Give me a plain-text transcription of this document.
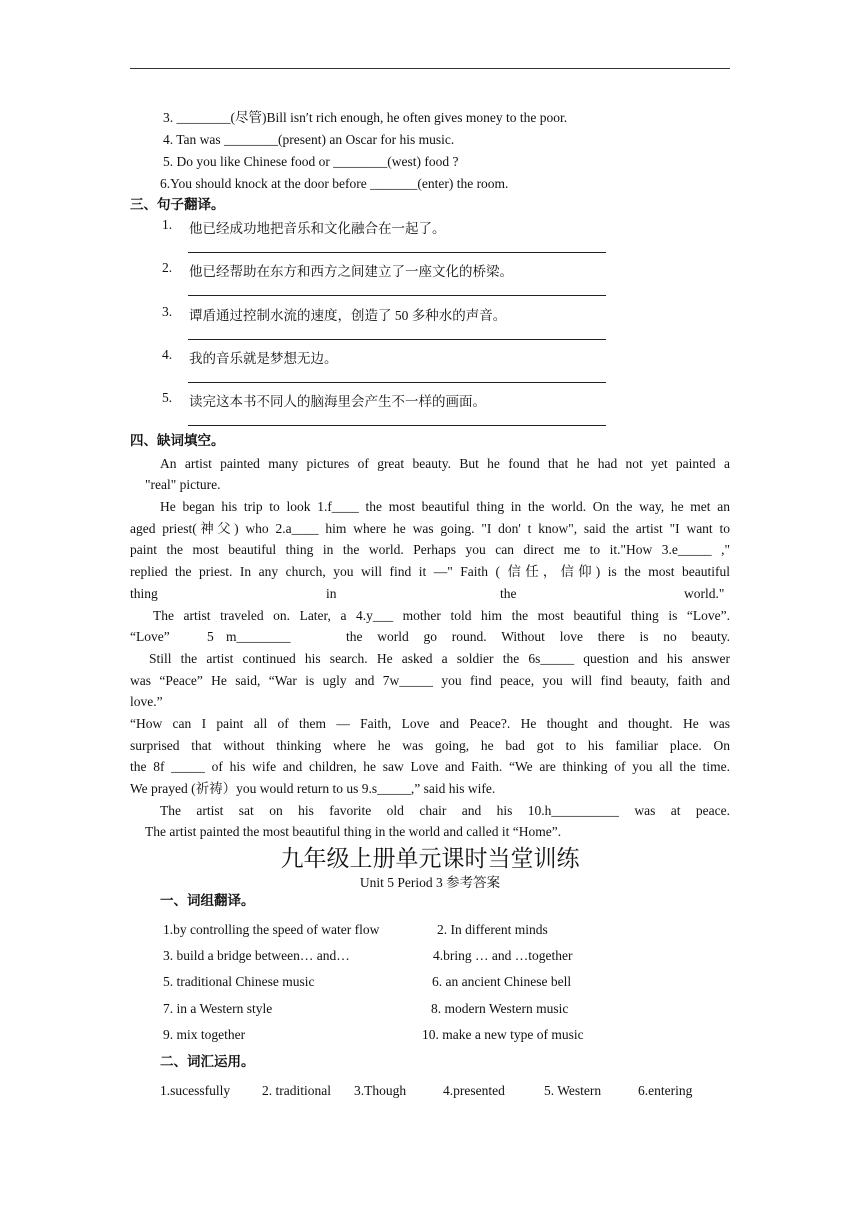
3. ________(尽管)Bill isn′t rich enough, he often gives money to the poor.
4. Tan was ________(present) an Oscar for his music.
5. Do you like Chinese food or ________(west) food ?
6.You should knock at the door before _______(enter) the room.
三、句子翻译。
1. 他已经成功地把音乐和文化融合在一起了。
2. 他已经帮助在东方和西方之间建立了一座文化的桥梁。
3. 谭盾通过控制水流的速度，创造了 50 多种水的声音。
4. 我的音乐就是梦想无边。
5. 读完这本书不同人的脑海里会产生不一样的画面。
四、缺词填空。
An artist painted many pictures of great beauty. But he found that he had not yet painted a
"real" picture.
He began his trip to look 1.f____ the most beautiful thing in the world. On the way, he met an
aged priest(神父) who 2.a____ him where he was going. "I don' t know", said the artist "I want to
paint the most beautiful thing in the world. Perhaps you can direct me to it."How 3.e_____ ,"
replied the priest. In any church, you will find it —" Faith ( 信任，信仰) is the most beautiful
thing	in	the	world."
The artist traveled on. Later, a 4.y___ mother told him the most beautiful thing is “Love”.
“Love”	5 m________	the world go round. Without love there is no beauty.
Still the artist continued his search. He asked a soldier the 6s_____ question and his answer
was “Peace” He said, “War is ugly and 7w_____ you find peace, you will find beauty, faith and
love.”
“How can I paint all of them — Faith, Love and Peace?. He thought and thought. He was
surprised that without thinking where he was going, he bad got to his familiar place. On
the 8f _____ of his wife and children, he saw Love and Faith. “We are thinking of you all the time.
We prayed (祈祷）you would return to us 9.s_____,” said his wife.
The artist sat on his favorite old chair and his 10.h__________ was at peace.
The artist painted the most beautiful thing in the world and called it “Home”.
九年级上册单元课时当堂训练
Unit 5 Period 3 参考答案
一、词组翻译。
1.by controlling the speed of water flow	2. In different minds
3. build a bridge between… and…	4.bring … and …together
5. traditional Chinese music	6. an ancient Chinese bell
7. in a Western style	8. modern Western music
9. mix together	10. make a new type of music
二、词汇运用。
1.sucessfully 2. traditional 3.Though	4.presented	5. Western	6.entering
